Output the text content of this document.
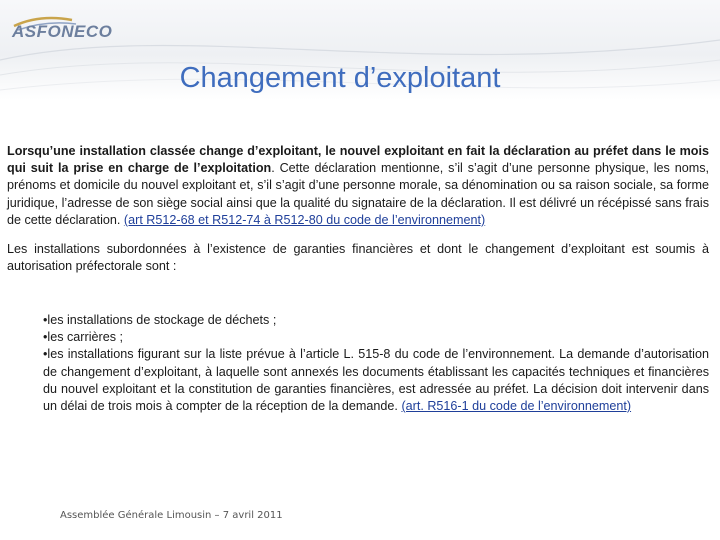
ASFONECO
Changement d’exploitant

Lorsqu’une installation classée change d’exploitant, le nouvel exploitant en fait la déclaration au préfet dans le mois qui suit la prise en charge de l’exploitation. Cette déclaration mentionne, s’il s’agit d’une personne physique, les noms, prénoms et domicile du nouvel exploitant et, s’il s’agit d’une personne morale, sa dénomination ou sa raison sociale, sa forme juridique, l’adresse de son siège social ainsi que la qualité du signataire de la déclaration. Il est délivré un récépissé sans frais de cette déclaration. (art R512-68 et R512-74 à R512-80 du code de l’environnement)

Les installations subordonnées à l’existence de garanties financières et dont le changement d’exploitant est soumis à autorisation préfectorale sont :

•les installations de stockage de déchets ;

•les carrières ;

•les installations figurant sur la liste prévue à l’article L. 515-8 du code de l’environnement. La demande d’autorisation de changement d’exploitant, à laquelle sont annexés les documents établissant les capacités techniques et financières du nouvel exploitant et la constitution de garanties financières, est adressée au préfet. La décision doit intervenir dans un délai de trois mois à compter de la réception de la demande. (art. R516-1 du code de l’environnement)

Assemblée Générale Limousin – 7 avril 2011
